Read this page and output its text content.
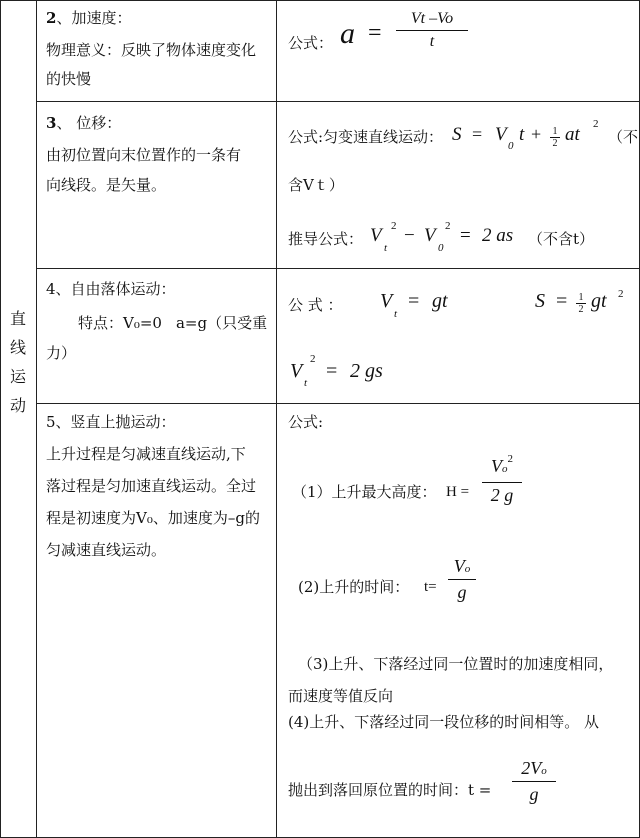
直
线
运
动
2、加速度：
物理意义：反映了物体速度变化
的快慢
公式： a =
Vt –Vo
t
3、 位移：
由初位置向末位置作的一条有
向线段。是矢量。
公式:匀变速直线运动： S = V
0
t + 1
2 at 2
（不
含Vｔ）
推导公式： V
t
2 − V
0
2 = 2 as （不含t）
4、自由落体运动：
特点：V₀=0 a=g（只受重
力）
公 式 ： V
t
= gt	S = 1
2 gt 2
V
t
2
= 2 gs
5、竖直上抛运动：
上升过程是匀减速直线运动,下
落过程是匀加速直线运动。全过
程是初速度为V₀、加速度为–g的
匀减速直线运动。
公式:
（1）上升最大高度： H =
$Vo^2$
2 g
(2)上升的时间： t=
Vo
g
（3)上升、下落经过同一位置时的加速度相同，
而速度等值反向
(4)上升、下落经过同一段位移的时间相等。 从
抛出到落回原位置的时间：t =
2Vo
g
